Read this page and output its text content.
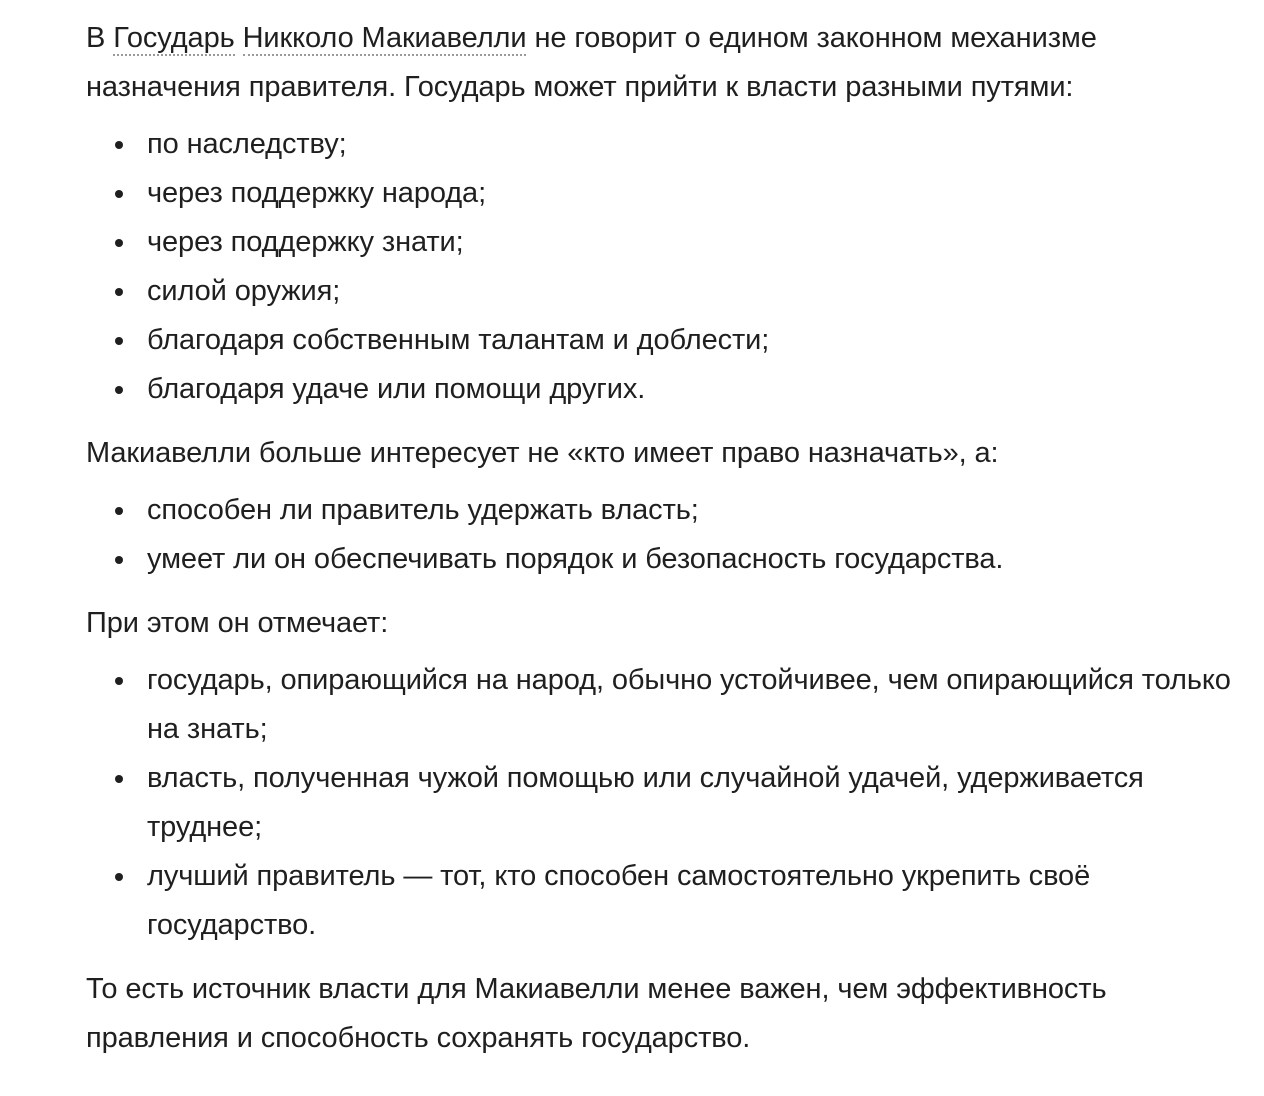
В Государь Никколо Макиавелли не говорит о едином законном механизме назначения правителя. Государь может прийти к власти разными путями:

по наследству;
через поддержку народа;
через поддержку знати;
силой оружия;
благодаря собственным талантам и доблести;
благодаря удаче или помощи других.

Макиавелли больше интересует не «кто имеет право назначать», а:

способен ли правитель удержать власть;
умеет ли он обеспечивать порядок и безопасность государства.

При этом он отмечает:

государь, опирающийся на народ, обычно устойчивее, чем опирающийся только на знать;
власть, полученная чужой помощью или случайной удачей, удерживается труднее;
лучший правитель — тот, кто способен самостоятельно укрепить своё государство.

То есть источник власти для Макиавелли менее важен, чем эффективность правления и способность сохранять государство.
